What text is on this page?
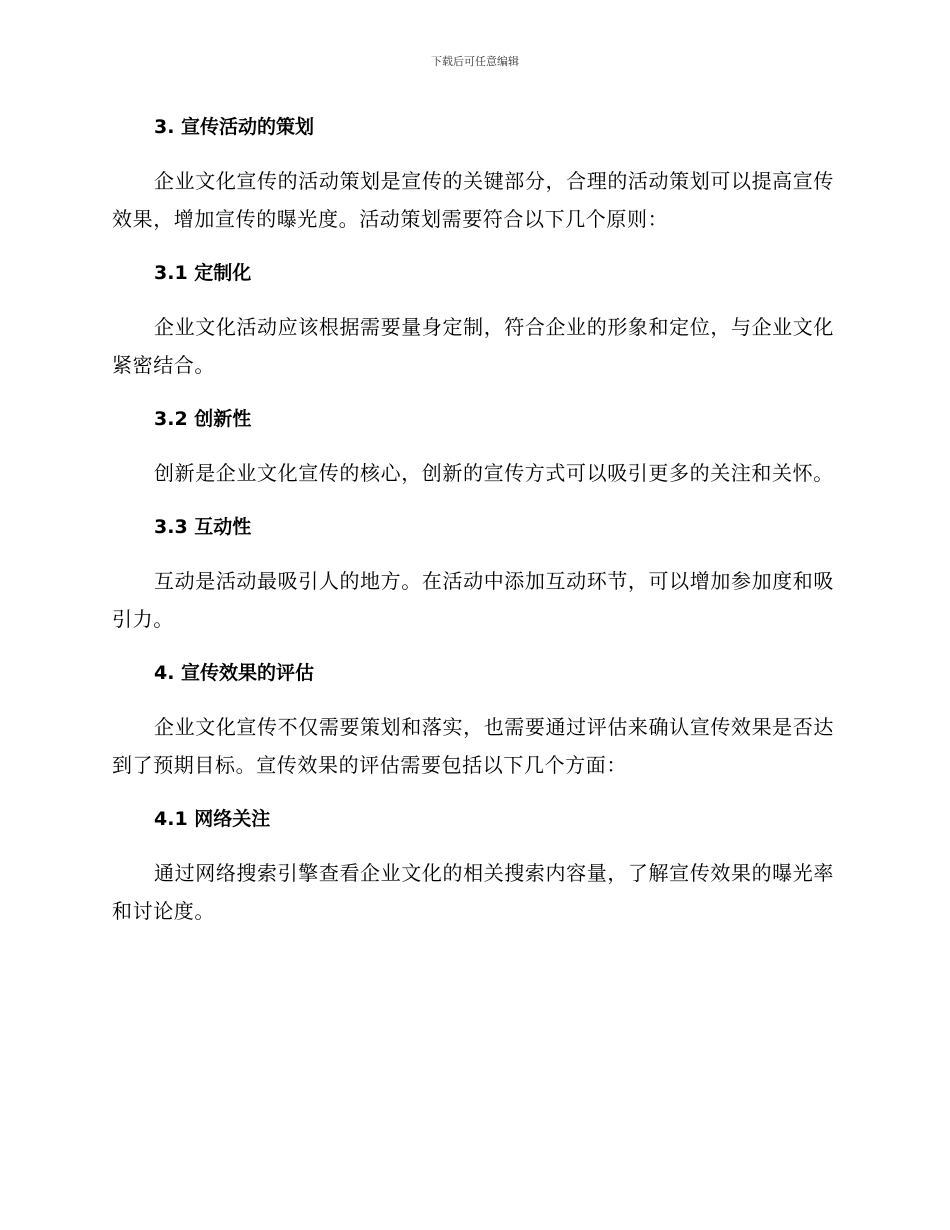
下载后可任意编辑
3. 宣传活动的策划

企业文化宣传的活动策划是宣传的关键部分，合理的活动策划可以提高宣传效果，增加宣传的曝光度。活动策划需要符合以下几个原则：

3.1 定制化

企业文化活动应该根据需要量身定制，符合企业的形象和定位，与企业文化紧密结合。

3.2 创新性

创新是企业文化宣传的核心，创新的宣传方式可以吸引更多的关注和关怀。

3.3 互动性

互动是活动最吸引人的地方。在活动中添加互动环节，可以增加参加度和吸引力。

4. 宣传效果的评估

企业文化宣传不仅需要策划和落实，也需要通过评估来确认宣传效果是否达到了预期目标。宣传效果的评估需要包括以下几个方面：

4.1 网络关注

通过网络搜索引擎查看企业文化的相关搜索内容量，了解宣传效果的曝光率和讨论度。
